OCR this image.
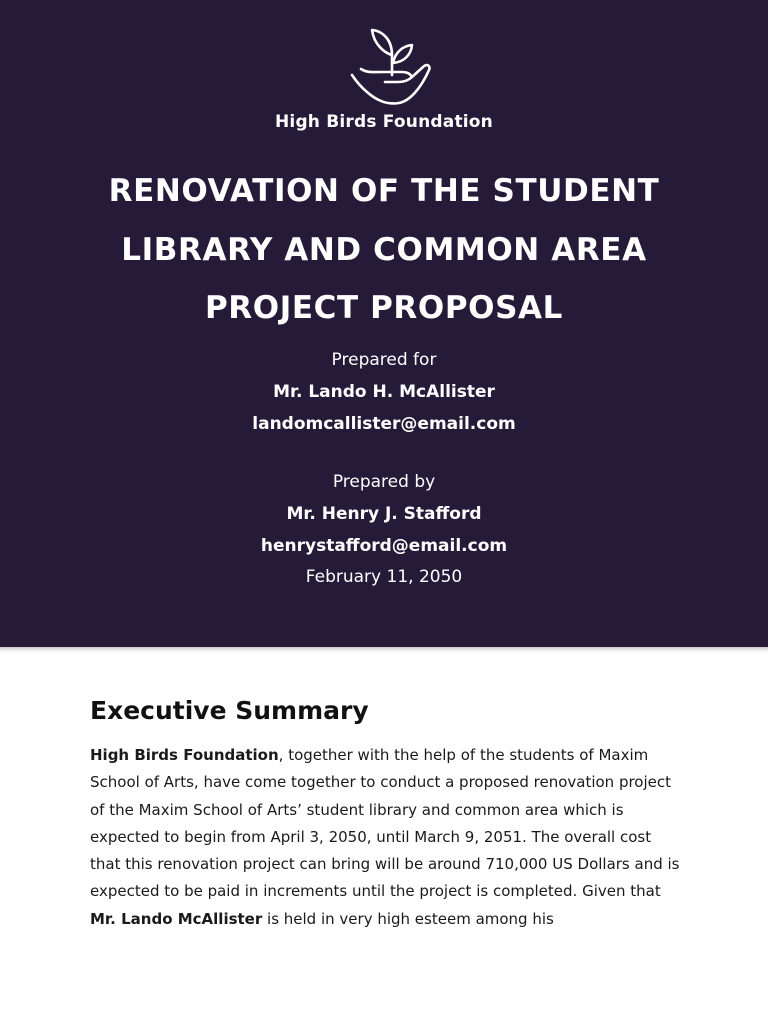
High Birds Foundation
RENOVATION OF THE STUDENT
LIBRARY AND COMMON AREA
PROJECT PROPOSAL
Prepared for
Mr. Lando H. McAllister
landomcallister@email.com
Prepared by
Mr. Henry J. Stafford
henrystafford@email.com
February 11, 2050
Executive Summary

High Birds Foundation, together with the help of the students of Maxim School of Arts, have come together to conduct a proposed renovation project of the Maxim School of Arts’ student library and common area which is expected to begin from April 3, 2050, until March 9, 2051. The overall cost that this renovation project can bring will be around 710,000 US Dollars and is expected to be paid in increments until the project is completed. Given that Mr. Lando McAllister is held in very high esteem among his
